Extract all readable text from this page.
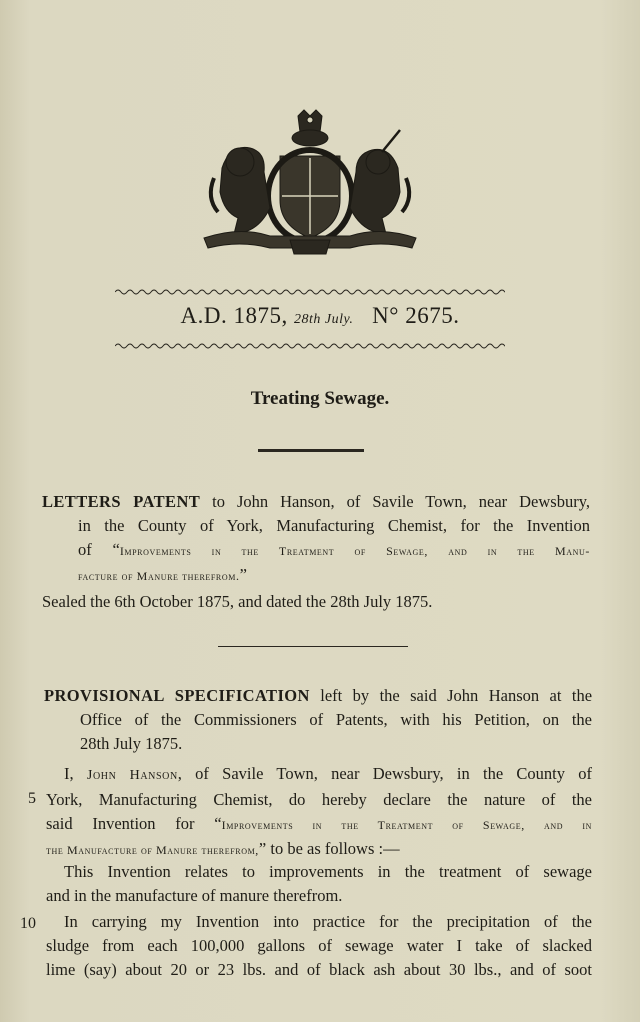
A.D. 1875, 28th July. N° 2675.
Treating Sewage.
LETTERS PATENT to John Hanson, of Savile Town, near Dewsbury,
in the County of York, Manufacturing Chemist, for the Invention
of “Improvements in the Treatment of Sewage, and in the Manu-
facture of Manure therefrom.”
Sealed the 6th October 1875, and dated the 28th July 1875.
PROVISIONAL SPECIFICATION left by the said John Hanson at the
Office of the Commissioners of Patents, with his Petition, on the
28th July 1875.
I, John Hanson, of Savile Town, near Dewsbury, in the County of
York, Manufacturing Chemist, do hereby declare the nature of the
said Invention for “Improvements in the Treatment of Sewage, and in
the Manufacture of Manure therefrom,” to be as follows :—
This Invention relates to improvements in the treatment of sewage
and in the manufacture of manure therefrom.
In carrying my Invention into practice for the precipitation of the
sludge from each 100,000 gallons of sewage water I take of slacked
lime (say) about 20 or 23 lbs. and of black ash about 30 lbs., and of soot
5
10
